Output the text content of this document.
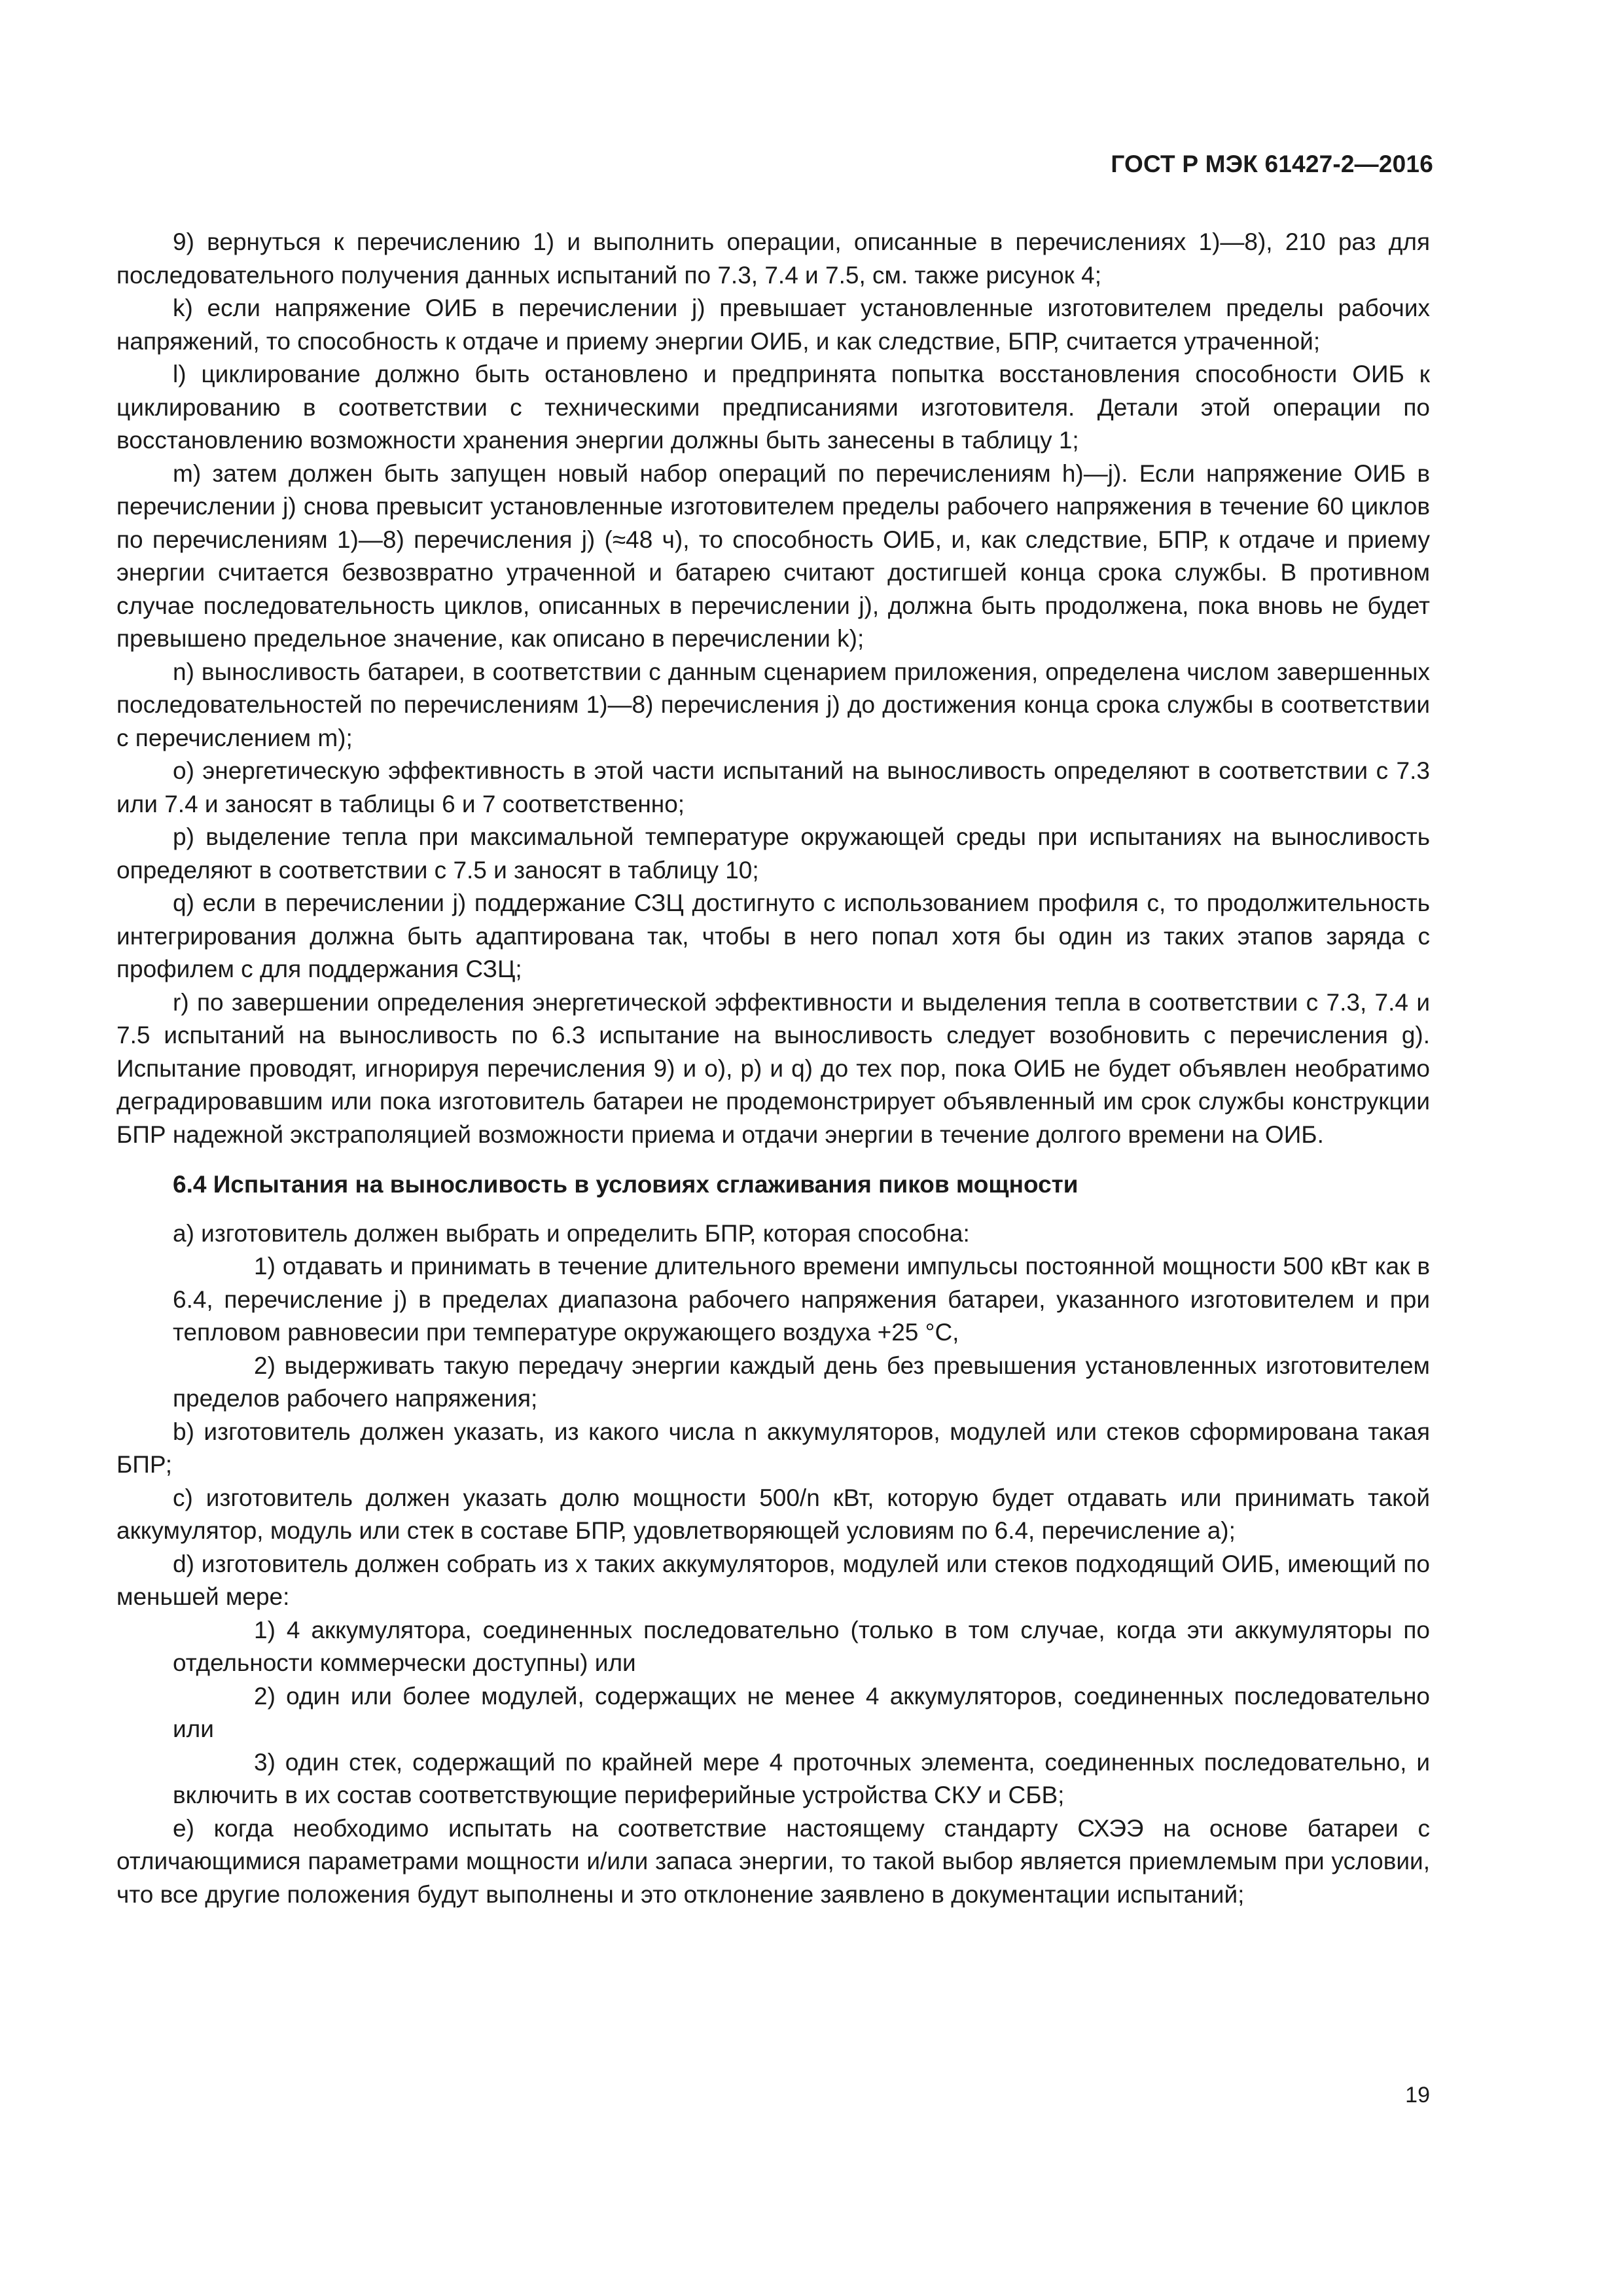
ГОСТ Р МЭК 61427-2—2016

9) вернуться к перечислению 1) и выполнить операции, описанные в перечислениях 1)—8), 210 раз для последовательного получения данных испытаний по 7.3, 7.4 и 7.5, см. также рисунок 4;

k) если напряжение ОИБ в перечислении j) превышает установленные изготовителем пределы рабочих напряжений, то способность к отдаче и приему энергии ОИБ, и как следствие, БПР, считается утраченной;

l) циклирование должно быть остановлено и предпринята попытка восстановления способности ОИБ к циклированию в соответствии с техническими предписаниями изготовителя. Детали этой операции по восстановлению возможности хранения энергии должны быть занесены в таблицу 1;

m) затем должен быть запущен новый набор операций по перечислениям h)—j). Если напряжение ОИБ в перечислении j) снова превысит установленные изготовителем пределы рабочего напряжения в течение 60 циклов по перечислениям 1)—8) перечисления j) (≈48 ч), то способность ОИБ, и, как следствие, БПР, к отдаче и приему энергии считается безвозвратно утраченной и батарею считают достигшей конца срока службы. В противном случае последовательность циклов, описанных в перечислении j), должна быть продолжена, пока вновь не будет превышено предельное значение, как описано в перечислении k);

n) выносливость батареи, в соответствии с данным сценарием приложения, определена числом завершенных последовательностей по перечислениям 1)—8) перечисления j) до достижения конца срока службы в соответствии с перечислением m);

o) энергетическую эффективность в этой части испытаний на выносливость определяют в соответствии с 7.3 или 7.4 и заносят в таблицы 6 и 7 соответственно;

p) выделение тепла при максимальной температуре окружающей среды при испытаниях на выносливость определяют в соответствии с 7.5 и заносят в таблицу 10;

q) если в перечислении j) поддержание СЗЦ достигнуто с использованием профиля c, то продолжительность интегрирования должна быть адаптирована так, чтобы в него попал хотя бы один из таких этапов заряда с профилем c для поддержания СЗЦ;

r) по завершении определения энергетической эффективности и выделения тепла в соответствии с 7.3, 7.4 и 7.5 испытаний на выносливость по 6.3 испытание на выносливость следует возобновить с перечисления g). Испытание проводят, игнорируя перечисления 9) и o), p) и q) до тех пор, пока ОИБ не будет объявлен необратимо деградировавшим или пока изготовитель батареи не продемонстрирует объявленный им срок службы конструкции БПР надежной экстраполяцией возможности приема и отдачи энергии в течение долгого времени на ОИБ.

6.4 Испытания на выносливость в условиях сглаживания пиков мощности

a) изготовитель должен выбрать и определить БПР, которая способна:

1) отдавать и принимать в течение длительного времени импульсы постоянной мощности 500 кВт как в 6.4, перечисление j) в пределах диапазона рабочего напряжения батареи, указанного изготовителем и при тепловом равновесии при температуре окружающего воздуха +25 °С,

2) выдерживать такую передачу энергии каждый день без превышения установленных изготовителем пределов рабочего напряжения;

b) изготовитель должен указать, из какого числа n аккумуляторов, модулей или стеков сформирована такая БПР;

c) изготовитель должен указать долю мощности 500/n кВт, которую будет отдавать или принимать такой аккумулятор, модуль или стек в составе БПР, удовлетворяющей условиям по 6.4, перечисление a);

d) изготовитель должен собрать из x таких аккумуляторов, модулей или стеков подходящий ОИБ, имеющий по меньшей мере:

1) 4 аккумулятора, соединенных последовательно (только в том случае, когда эти аккумуляторы по отдельности коммерчески доступны) или

2) один или более модулей, содержащих не менее 4 аккумуляторов, соединенных последовательно или

3) один стек, содержащий по крайней мере 4 проточных элемента, соединенных последовательно, и включить в их состав соответствующие периферийные устройства СКУ и СБВ;

e) когда необходимо испытать на соответствие настоящему стандарту СХЭЭ на основе батареи с отличающимися параметрами мощности и/или запаса энергии, то такой выбор является приемлемым при условии, что все другие положения будут выполнены и это отклонение заявлено в документации испытаний;

19
